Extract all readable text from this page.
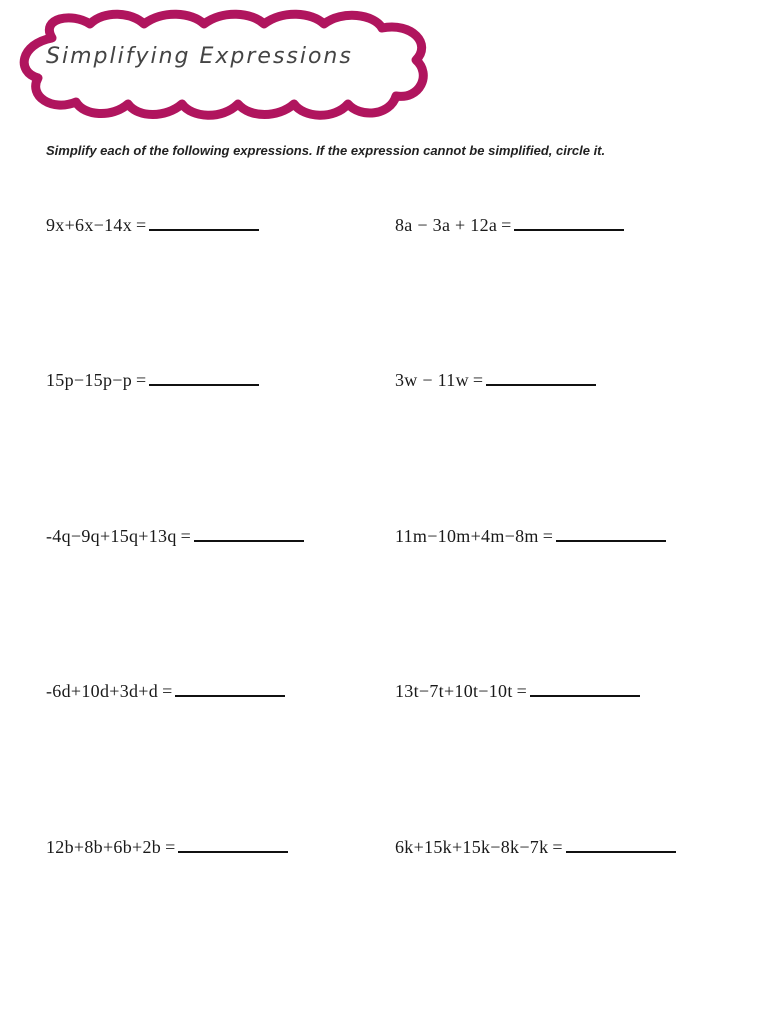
Simplifying Expressions
Simplify each of the following expressions. If the expression cannot be simplified, circle it.
9x+6x−14x =	8a − 3a + 12a =
15p−15p−p =	3w − 11w =
-4q−9q+15q+13q =	11m−10m+4m−8m =
-6d+10d+3d+d =	13t−7t+10t−10t =
12b+8b+6b+2b =	6k+15k+15k−8k−7k =
